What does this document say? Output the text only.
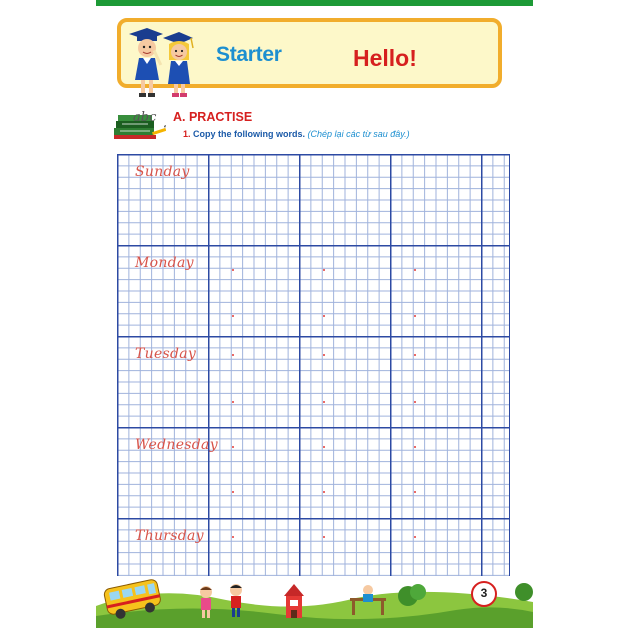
Starter	Hello!
abc A. PRACTISE
1. Copy the following words. (Chép lại các từ sau đây.)
Sunday
Monday
Tuesday
Wednesday
Thursday
3
